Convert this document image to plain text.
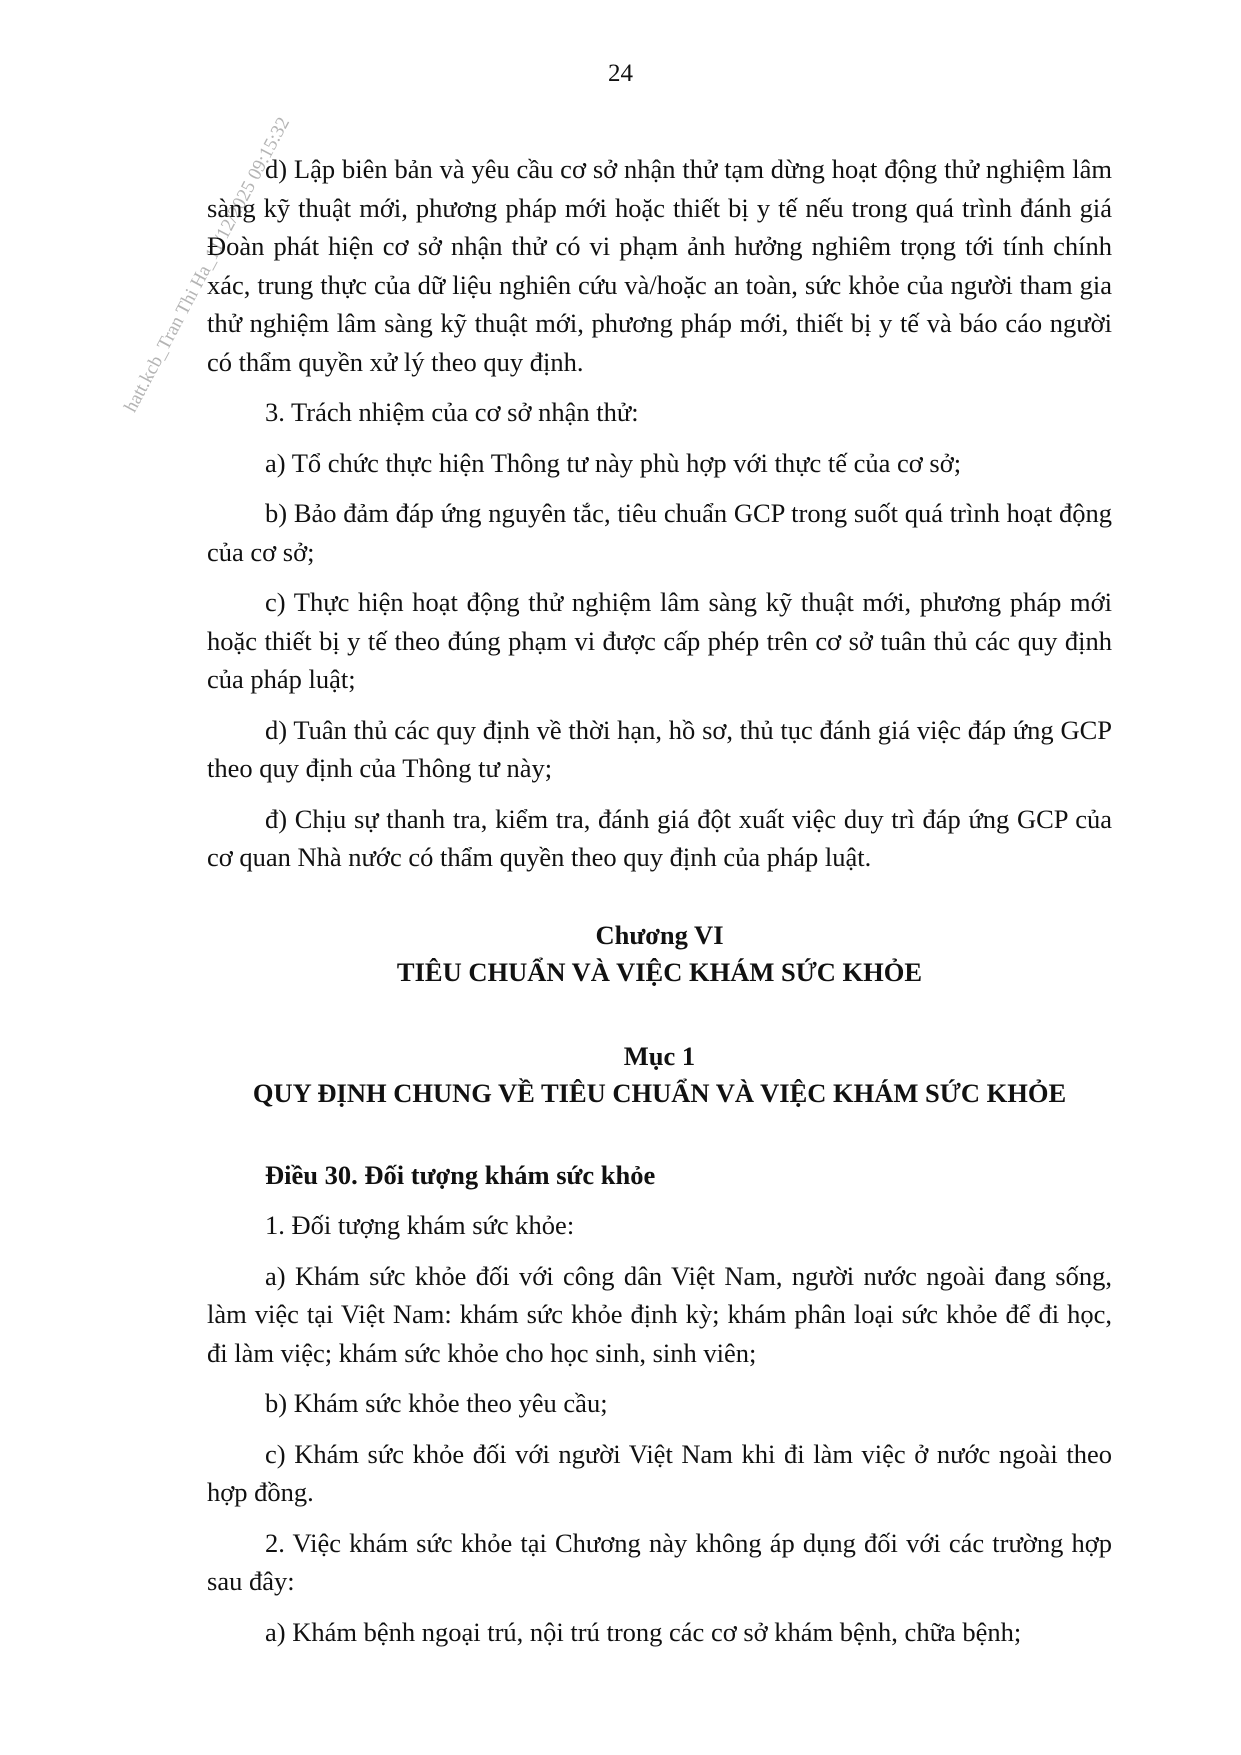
24
hatt.kcb_Tran Thi Ha_11/12/2025 09:15:32

d) Lập biên bản và yêu cầu cơ sở nhận thử tạm dừng hoạt động thử nghiệm lâm sàng kỹ thuật mới, phương pháp mới hoặc thiết bị y tế nếu trong quá trình đánh giá Đoàn phát hiện cơ sở nhận thử có vi phạm ảnh hưởng nghiêm trọng tới tính chính xác, trung thực của dữ liệu nghiên cứu và/hoặc an toàn, sức khỏe của người tham gia thử nghiệm lâm sàng kỹ thuật mới, phương pháp mới, thiết bị y tế và báo cáo người có thẩm quyền xử lý theo quy định.

3. Trách nhiệm của cơ sở nhận thử:

a) Tổ chức thực hiện Thông tư này phù hợp với thực tế của cơ sở;

b) Bảo đảm đáp ứng nguyên tắc, tiêu chuẩn GCP trong suốt quá trình hoạt động của cơ sở;

c) Thực hiện hoạt động thử nghiệm lâm sàng kỹ thuật mới, phương pháp mới hoặc thiết bị y tế theo đúng phạm vi được cấp phép trên cơ sở tuân thủ các quy định của pháp luật;

d) Tuân thủ các quy định về thời hạn, hồ sơ, thủ tục đánh giá việc đáp ứng GCP theo quy định của Thông tư này;

đ) Chịu sự thanh tra, kiểm tra, đánh giá đột xuất việc duy trì đáp ứng GCP của cơ quan Nhà nước có thẩm quyền theo quy định của pháp luật.

Chương VI
TIÊU CHUẨN VÀ VIỆC KHÁM SỨC KHỎE
Mục 1
QUY ĐỊNH CHUNG VỀ TIÊU CHUẨN VÀ VIỆC KHÁM SỨC KHỎE

Điều 30. Đối tượng khám sức khỏe

1. Đối tượng khám sức khỏe:

a) Khám sức khỏe đối với công dân Việt Nam, người nước ngoài đang sống, làm việc tại Việt Nam: khám sức khỏe định kỳ; khám phân loại sức khỏe để đi học, đi làm việc; khám sức khỏe cho học sinh, sinh viên;

b) Khám sức khỏe theo yêu cầu;

c) Khám sức khỏe đối với người Việt Nam khi đi làm việc ở nước ngoài theo hợp đồng.

2. Việc khám sức khỏe tại Chương này không áp dụng đối với các trường hợp sau đây:

a) Khám bệnh ngoại trú, nội trú trong các cơ sở khám bệnh, chữa bệnh;
